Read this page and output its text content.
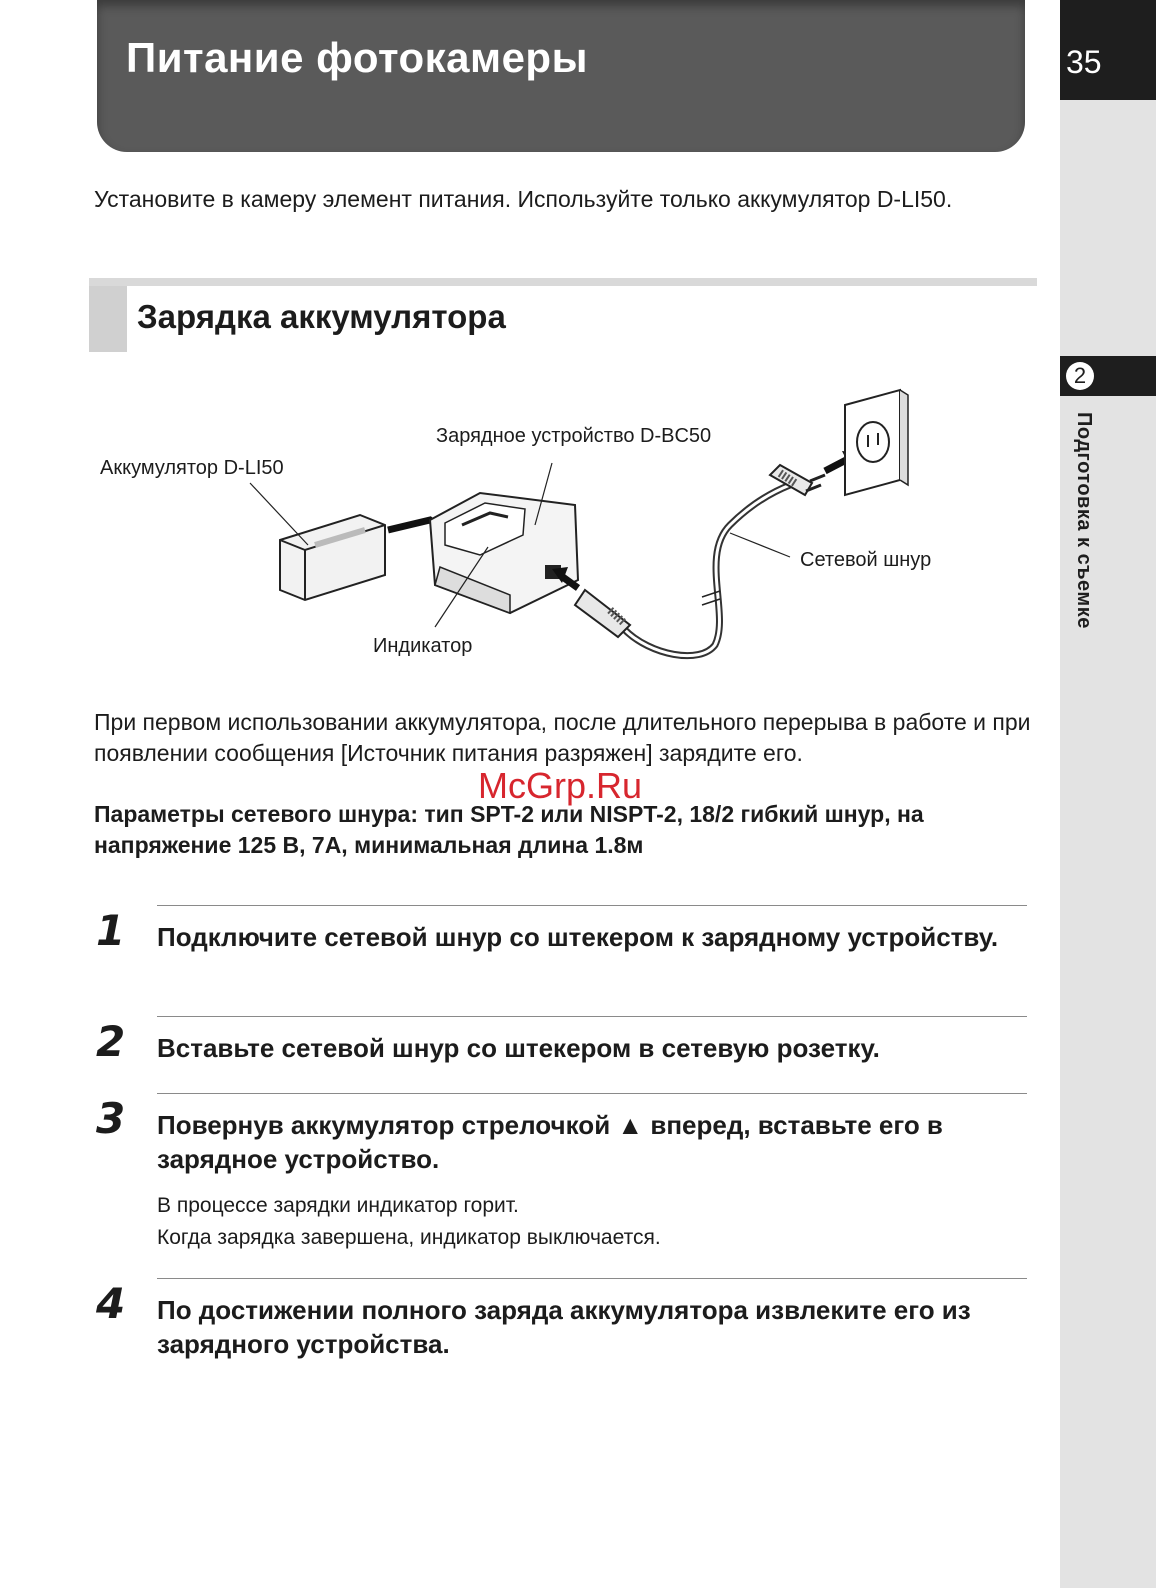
Питание фотокамеры	35
2
Подготовка к съемке
Установите в камеру элемент питания. Используйте только аккумулятор D-LI50.
Зарядка аккумулятора
Аккумулятор D-LI50
Зарядное устройство D-BC50
Сетевой шнур
Индикатор
При первом использовании аккумулятора, после длительного перерыва в работе и при появлении сообщения [Источник питания разряжен] зарядите его.
McGrp.Ru
Параметры сетевого шнура: тип SPT-2 или NISPT-2, 18/2 гибкий шнур, на напряжение 125 В, 7А, минимальная длина 1.8м
1 Подключите сетевой шнур со штекером к зарядному устройству.
2 Вставьте сетевой шнур со штекером в сетевую розетку.
3 Повернув аккумулятор стрелочкой ▲ вперед, вставьте его в зарядное устройство.
В процессе зарядки индикатор горит.
Когда зарядка завершена, индикатор выключается.
4 По достижении полного заряда аккумулятора извлеките его из зарядного устройства.
